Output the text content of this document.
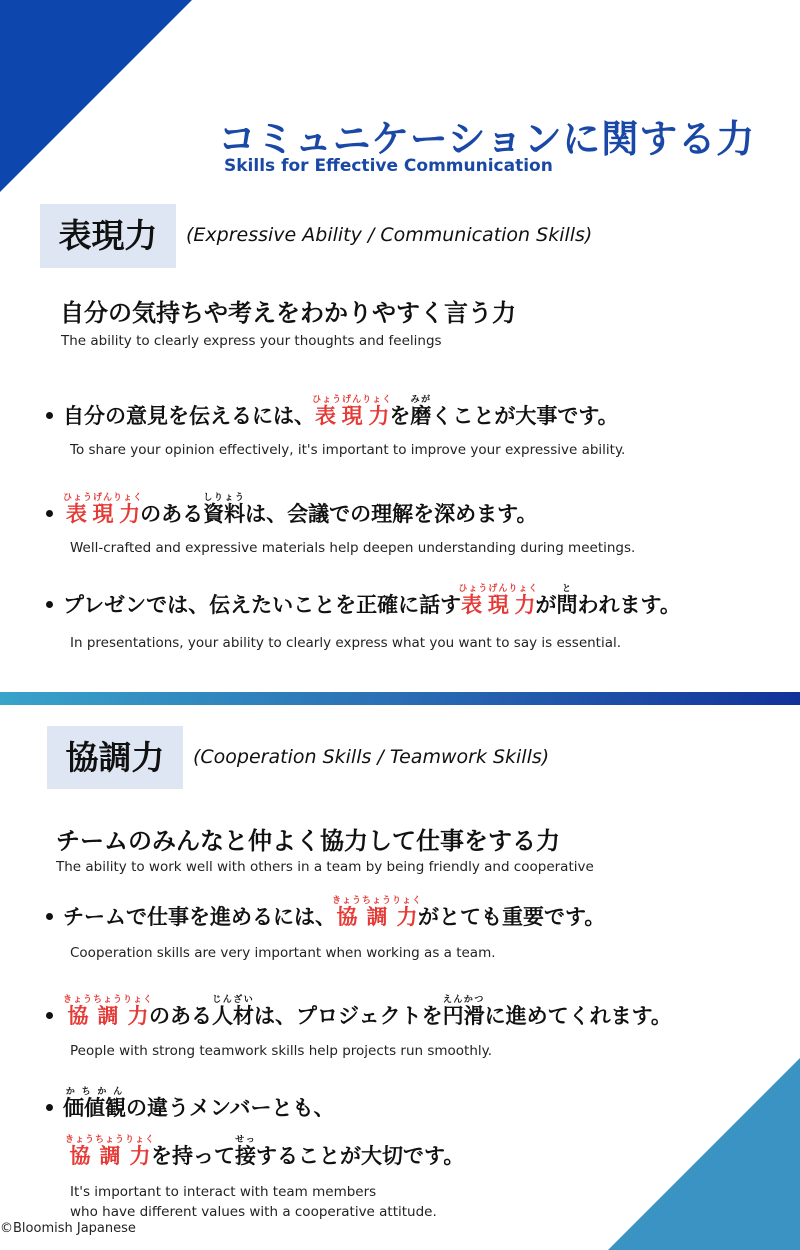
コミュニケーションに関する力
Skills for Effective Communication
表現力	(Expressive Ability / Communication Skills)
自分の気持ちや考えをわかりやすく言う力
The ability to clearly express your thoughts and feelings
自分の意見を伝えるには、表現力ひょうげんりょくを磨みがくことが大事です。
To share your opinion effectively, it's important to improve your expressive ability.
表現力ひょうげんりょくのある資料しりょうは、会議での理解を深めます。
Well-crafted and expressive materials help deepen understanding during meetings.
プレゼンでは、伝えたいことを正確に話す表現力ひょうげんりょくが問とわれます。
In presentations, your ability to clearly express what you want to say is essential.
協調力	(Cooperation Skills / Teamwork Skills)
チームのみんなと仲よく協力して仕事をする力
The ability to work well with others in a team by being friendly and cooperative
チームで仕事を進めるには、協調力きょうちょうりょくがとても重要です。
Cooperation skills are very important when working as a team.
協調力きょうちょうりょくのある人材じんざいは、プロジェクトを円滑えんかつに進めてくれます。
People with strong teamwork skills help projects run smoothly.
価値観かちかんの違うメンバーとも、
協調力きょうちょうりょくを持って接せっすることが大切です。
It's important to interact with team members
who have different values with a cooperative attitude.
©Bloomish Japanese
